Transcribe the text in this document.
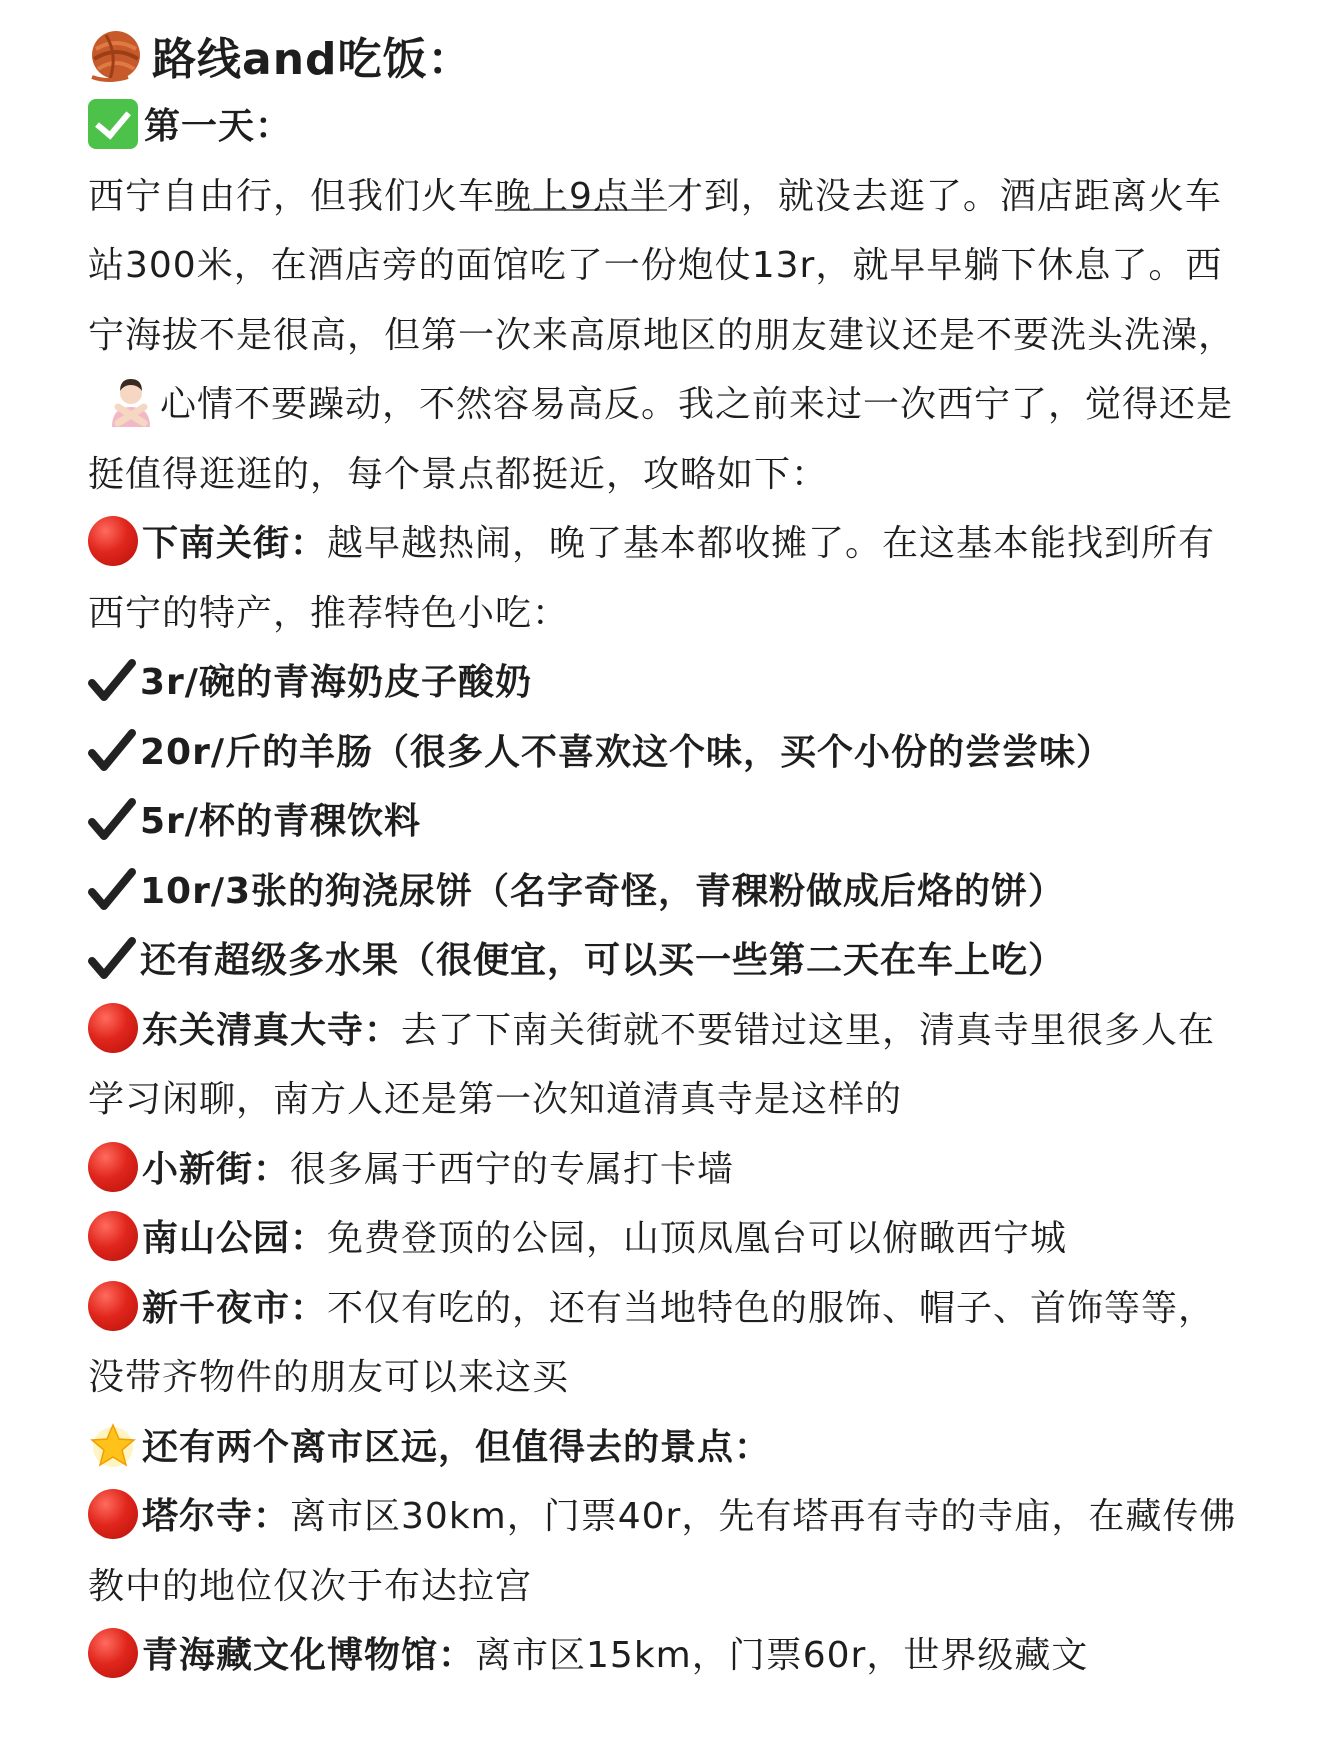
路线and吃饭：
第一天：
西宁自由行，但我们火车晚上9点半才到，就没去逛了。酒店距离火车站300米，在酒店旁的面馆吃了一份炮仗13r，就早早躺下休息了。西宁海拔不是很高，但第一次来高原地区的朋友建议还是不要洗头洗澡，心情不要躁动，不然容易高反。我之前来过一次西宁了，觉得还是挺值得逛逛的，每个景点都挺近，攻略如下：
下南关街：越早越热闹，晚了基本都收摊了。在这基本能找到所有西宁的特产，推荐特色小吃：
3r/碗的青海奶皮子酸奶
20r/斤的羊肠（很多人不喜欢这个味，买个小份的尝尝味）
5r/杯的青稞饮料
10r/3张的狗浇尿饼（名字奇怪，青稞粉做成后烙的饼）
还有超级多水果（很便宜，可以买一些第二天在车上吃）
东关清真大寺：去了下南关街就不要错过这里，清真寺里很多人在学习闲聊，南方人还是第一次知道清真寺是这样的
小新街：很多属于西宁的专属打卡墙
南山公园：免费登顶的公园，山顶凤凰台可以俯瞰西宁城
新千夜市：不仅有吃的，还有当地特色的服饰、帽子、首饰等等，没带齐物件的朋友可以来这买
还有两个离市区远，但值得去的景点：
塔尔寺：离市区30km，门票40r，先有塔再有寺的寺庙，在藏传佛教中的地位仅次于布达拉宫
青海藏文化博物馆：离市区15km，门票60r，世界级藏文
